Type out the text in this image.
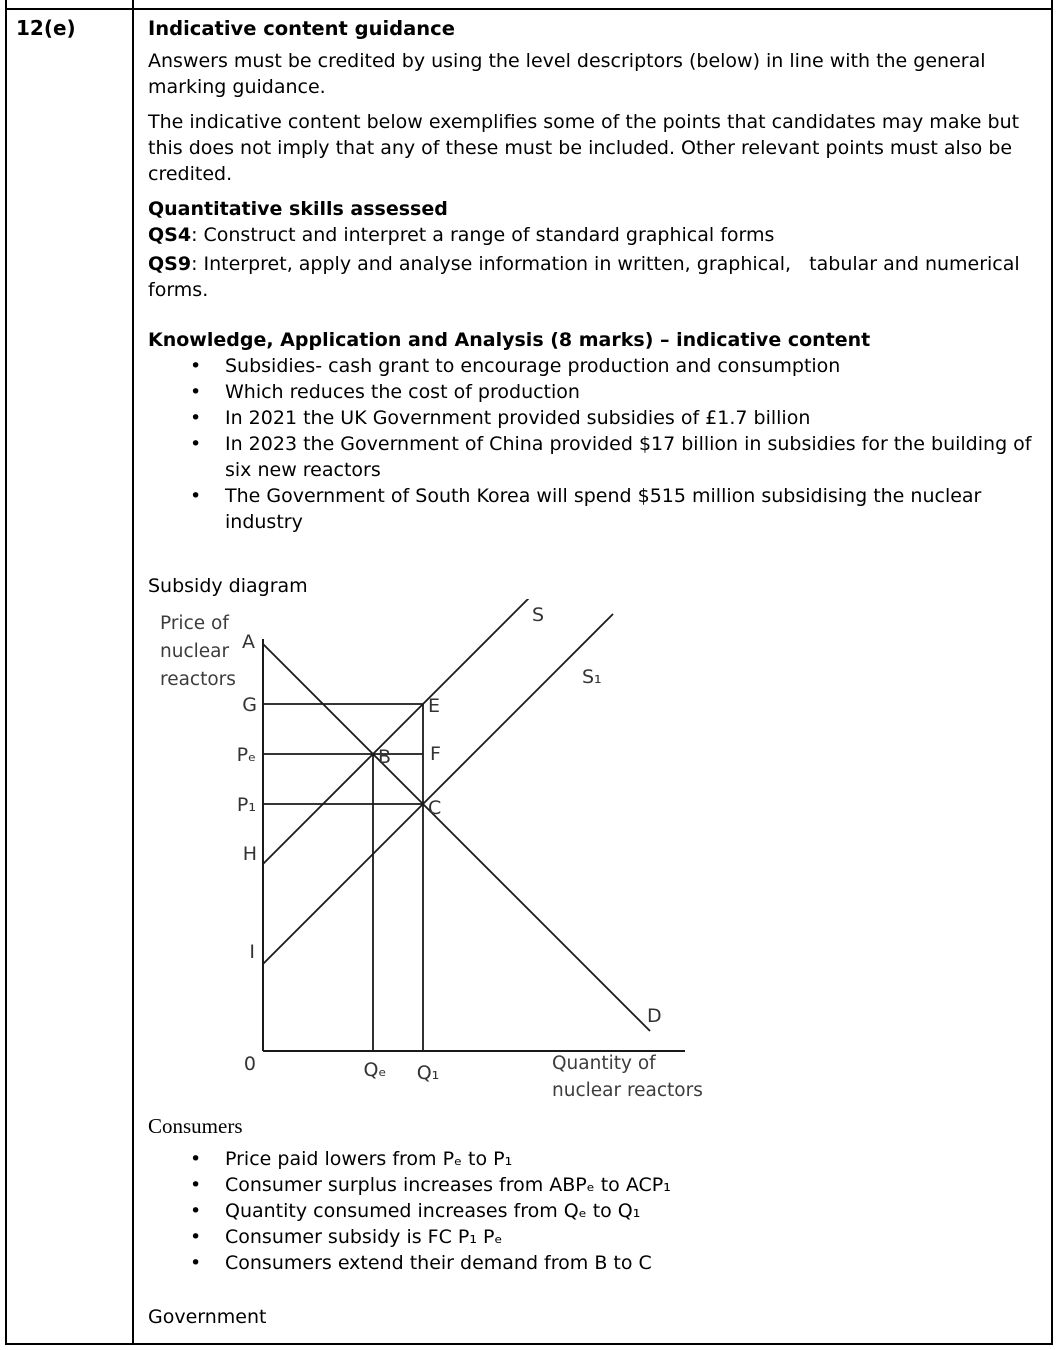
12(e)	Indicative content guidance

Answers must be credited by using the level descriptors (below) in line with the general marking guidance.

The indicative content below exemplifies some of the points that candidates may make but this does not imply that any of these must be included. Other relevant points must also be credited.

Quantitative skills assessed
QS4: Construct and interpret a range of standard graphical forms
QS9: Interpret, apply and analyse information in written, graphical,   tabular and numerical forms.
Knowledge, Application and Analysis (8 marks) – indicative content
•	Subsidies- cash grant to encourage production and consumption
•	Which reduces the cost of production
•	In 2021 the UK Government provided subsidies of £1.7 billion
•	In 2023 the Government of China provided $17 billion in subsidies for the building of six new reactors
•	The Government of South Korea will spend $515 million subsidising the nuclear industry
Subsidy diagram
Price of
nuclear
reactors
Quantity of
nuclear reactors
A
G
Pₑ
P₁
H
I
0	Qₑ Q₁
E
B F
C
S
S₁
D
Consumers
•	Price paid lowers from Pₑ to P₁
•	Consumer surplus increases from ABPₑ to ACP₁
•	Quantity consumed increases from Qₑ to Q₁
•	Consumer subsidy is FC P₁ Pₑ
•	Consumers extend their demand from B to C
Government
